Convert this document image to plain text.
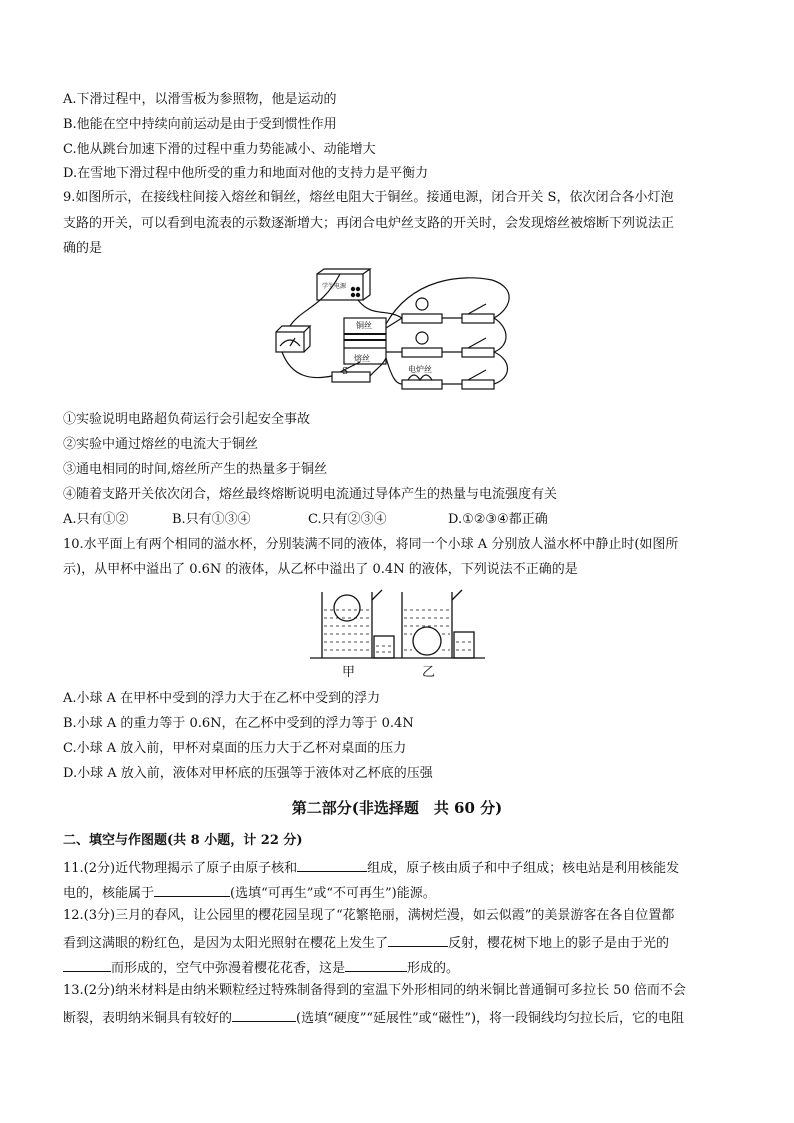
A.下滑过程中，以滑雪板为参照物，他是运动的
B.他能在空中持续向前运动是由于受到惯性作用
C.他从跳台加速下滑的过程中重力势能减小、动能增大
D.在雪地下滑过程中他所受的重力和地面对他的支持力是平衡力
9.如图所示，在接线柱间接入熔丝和铜丝，熔丝电阻大于铜丝。接通电源，闭合开关 S，依次闭合各小灯泡
支路的开关，可以看到电流表的示数逐渐增大；再闭合电炉丝支路的开关时，会发现熔丝被熔断下列说法正
确的是
学生电源
铜丝
熔丝
S	电炉丝
①实验说明电路超负荷运行会引起安全事故
②实验中通过熔丝的电流大于铜丝
③通电相同的时间,熔丝所产生的热量多于铜丝
④随着支路开关依次闭合，熔丝最终熔断说明电流通过导体产生的热量与电流强度有关
A.只有①②	B.只有①③④	C.只有②③④	D.①②③④都正确
10.水平面上有两个相同的溢水杯，分别装满不同的液体，将同一个小球 A 分别放人溢水杯中静止时(如图所
示)，从甲杯中溢出了 0.6N 的液体，从乙杯中溢出了 0.4N 的液体，下列说法不正确的是
甲	乙
A.小球 A 在甲杯中受到的浮力大于在乙杯中受到的浮力
B.小球 A 的重力等于 0.6N，在乙杯中受到的浮力等于 0.4N
C.小球 A 放入前，甲杯对桌面的压力大于乙杯对桌面的压力
D.小球 A 放入前，液体对甲杯底的压强等于液体对乙杯底的压强
第二部分(非选择题　共 60 分)
二、填空与作图题(共 8 小题，计 22 分)
11.(2分)近代物理揭示了原子由原子核和	组成，原子核由质子和中子组成；核电站是利用核能发
电的，核能属于	(选填“可再生”或“不可再生”)能源。
12.(3分)三月的春风，让公园里的樱花园呈现了“花繁艳丽，满树烂漫，如云似霞”的美景游客在各自位置都
看到这满眼的粉红色，是因为太阳光照射在樱花上发生了	反射，樱花树下地上的影子是由于光的
而形成的，空气中弥漫着樱花花香，这是	形成的。
13.(2分)纳米材料是由纳米颗粒经过特殊制备得到的室温下外形相同的纳米铜比普通铜可多拉长 50 倍而不会
断裂，表明纳米铜具有较好的	(选填“硬度”“延展性”或“磁性”)，将一段铜线均匀拉长后，它的电阻
